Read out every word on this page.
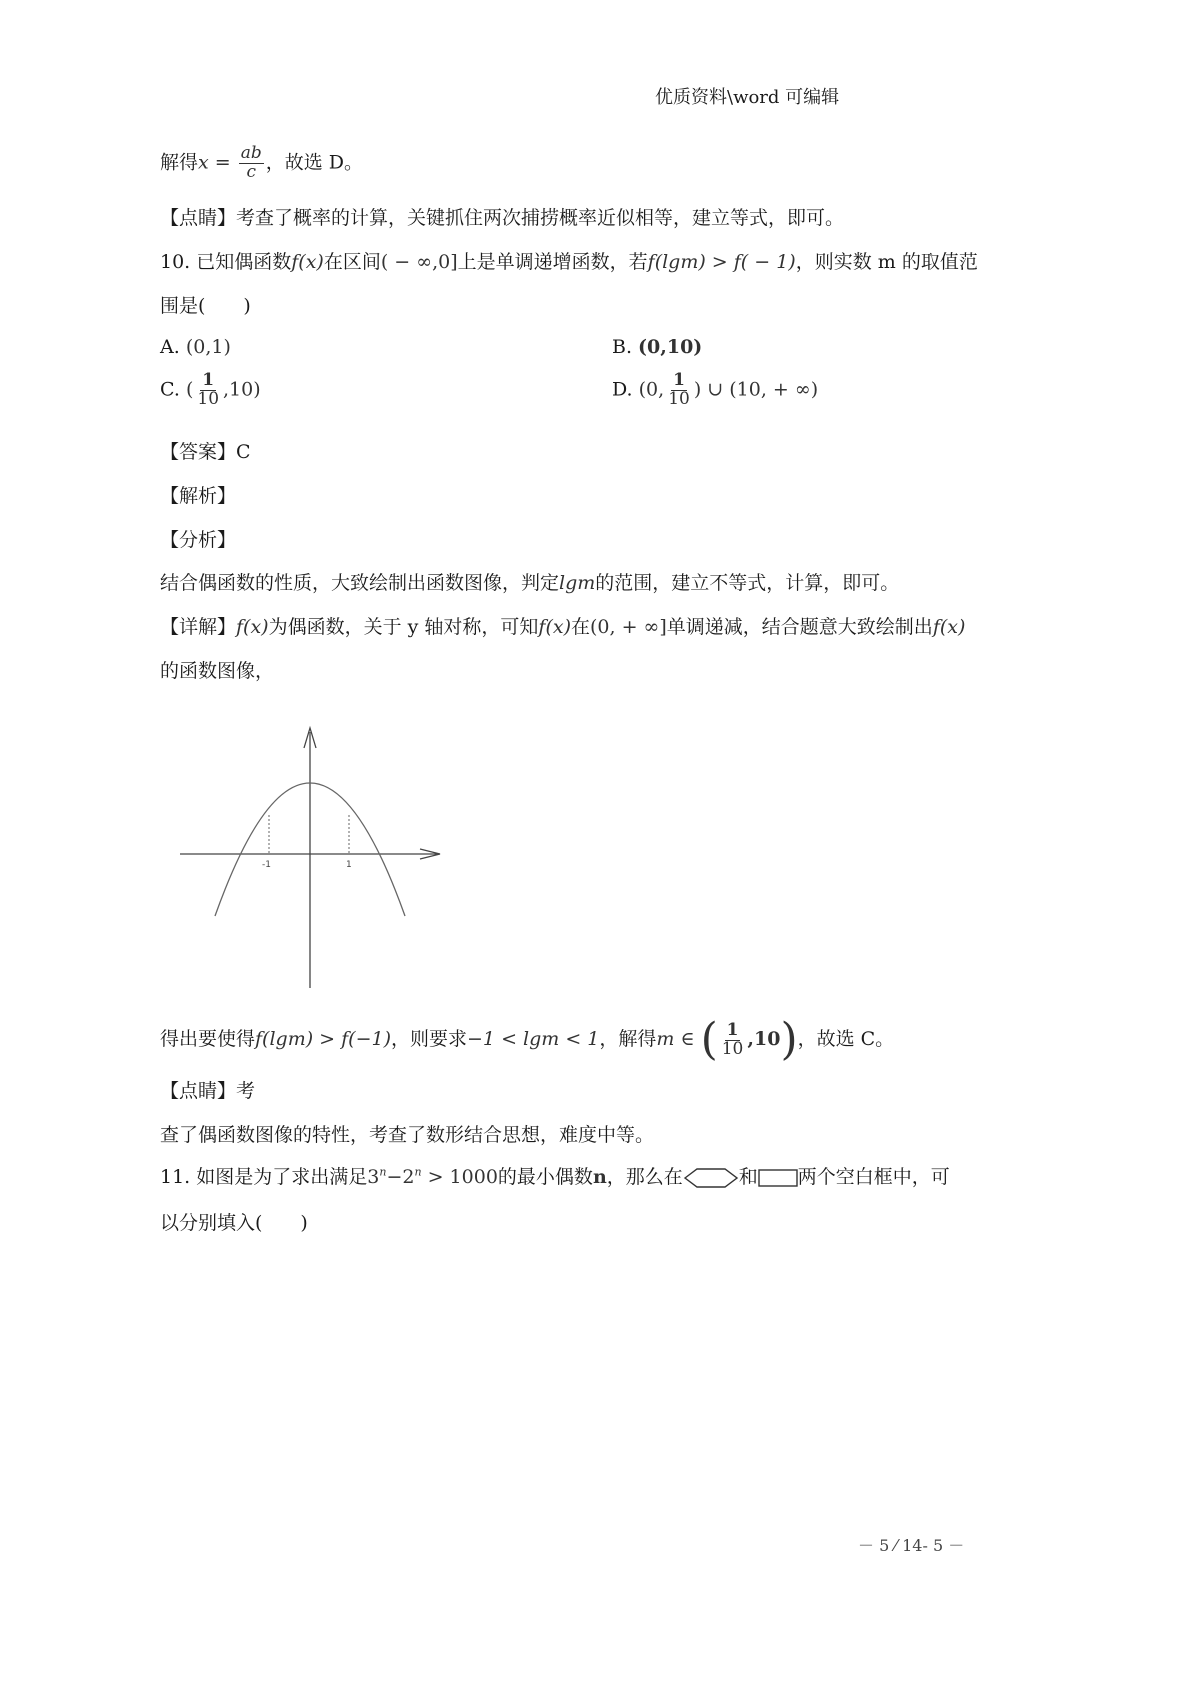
优质资料\word 可编辑
解得$x = \frac{ab}{c}$ ，故选 D。
【点睛】考查了概率的计算，关键抓住两次捕捞概率近似相等，建立等式，即可。
10. 已知偶函数f(x)在区间( − ∞,0]上是单调递增函数，若f(lgm) > f( − 1)，则实数 m 的取值范
围是(　　)
A. (0,1)	B. (0,10)
C. ( $\frac{1}{10} ,10$)	D. (0, $\frac{1}{10}$ ) ∪ (10, + ∞)
【答案】C
【解析】
【分析】
结合偶函数的性质，大致绘制出函数图像，判定lgm的范围，建立不等式，计算，即可。
【详解】f(x)为偶函数，关于 y 轴对称，可知f(x)在(0, + ∞]单调递减，结合题意大致绘制出f(x)
的函数图像，
-1	1
得出要使得f(lgm) > f(−1)，则要求−1 < lgm < 1，解得m ∈ ( $\frac{1}{10} ,10$)，故选 C。
【点睛】考
查了偶函数图像的特性，考查了数形结合思想，难度中等。
11. 如图是为了求出满足$3^n-2^n > 1000$的最小偶数n，那么在	和 两个空白框中，可
以分别填入(　　)
－ 5 ⁄ 14- 5 －
